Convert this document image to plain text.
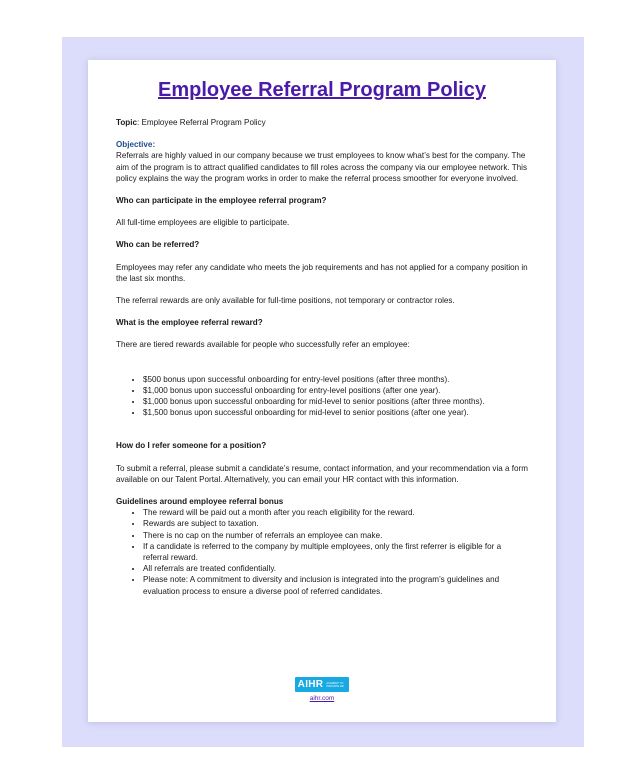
Employee Referral Program Policy

Topic: Employee Referral Program Policy

Objective:

Referrals are highly valued in our company because we trust employees to know what’s best for the company. The aim of the program is to attract qualified candidates to fill roles across the company via our employee network. This policy explains the way the program works in order to make the referral process smoother for everyone involved.

Who can participate in the employee referral program?

All full-time employees are eligible to participate.

Who can be referred?

Employees may refer any candidate who meets the job requirements and has not applied for a company position in the last six months.

The referral rewards are only available for full-time positions, not temporary or contractor roles.

What is the employee referral reward?

There are tiered rewards available for people who successfully refer an employee:

• $500 bonus upon successful onboarding for entry-level positions (after three months).
• $1,000 bonus upon successful onboarding for entry-level positions (after one year).
• $1,000 bonus upon successful onboarding for mid-level to senior positions (after three months).
• $1,500 bonus upon successful onboarding for mid-level to senior positions (after one year).

How do I refer someone for a position?

To submit a referral, please submit a candidate’s resume, contact information, and your recommendation via a form available on our Talent Portal. Alternatively, you can email your HR contact with this information.

Guidelines around employee referral bonus

• The reward will be paid out a month after you reach eligibility for the reward.
• Rewards are subject to taxation.
• There is no cap on the number of referrals an employee can make.
• If a candidate is referred to the company by multiple employees, only the first referrer is eligible for a referral reward.
• All referrals are treated confidentially.
• Please note: A commitment to diversity and inclusion is integrated into the program’s guidelines and evaluation process to ensure a diverse pool of referred candidates.
AIHR ACADEMY TO INNOVATE HR
aihr.com
